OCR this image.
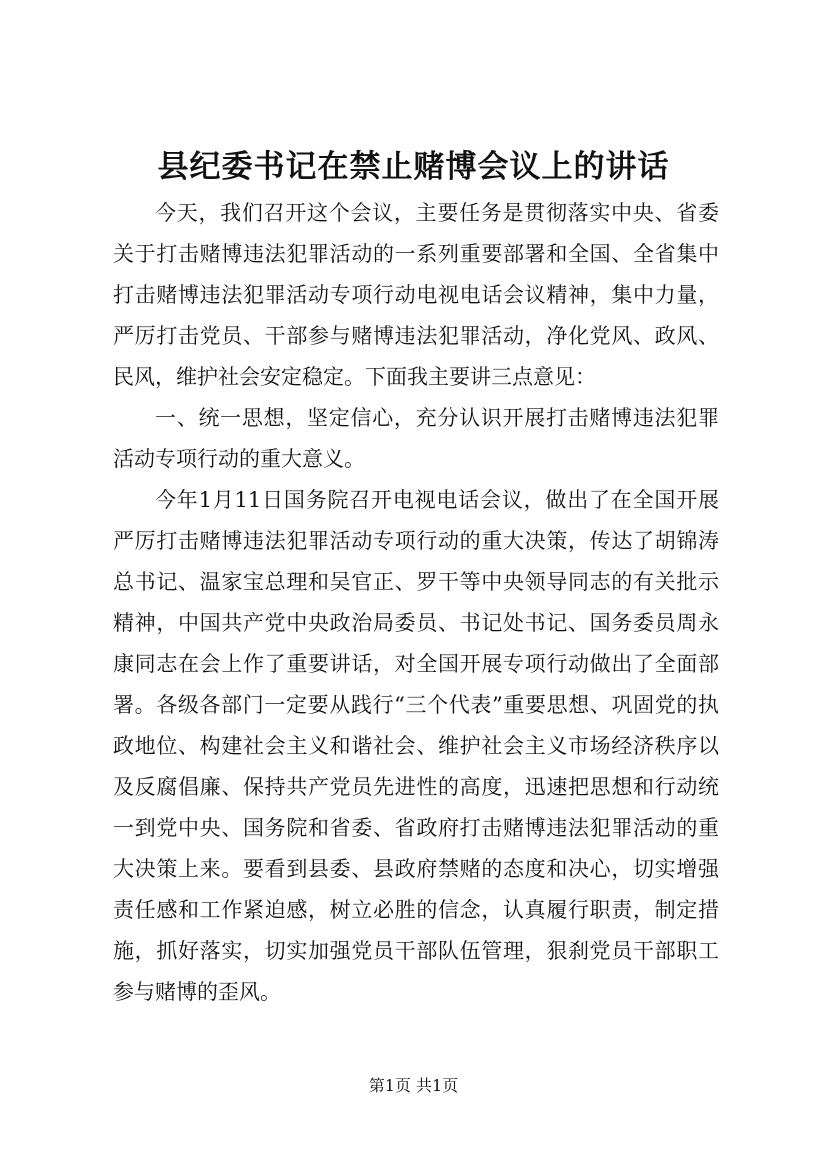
县纪委书记在禁止赌博会议上的讲话

今天，我们召开这个会议，主要任务是贯彻落实中央、省委关于打击赌博违法犯罪活动的一系列重要部署和全国、全省集中打击赌博违法犯罪活动专项行动电视电话会议精神，集中力量，严厉打击党员、干部参与赌博违法犯罪活动，净化党风、政风、民风，维护社会安定稳定。下面我主要讲三点意见：

一、统一思想，坚定信心，充分认识开展打击赌博违法犯罪活动专项行动的重大意义。

今年1月11日国务院召开电视电话会议，做出了在全国开展严厉打击赌博违法犯罪活动专项行动的重大决策，传达了胡锦涛总书记、温家宝总理和吴官正、罗干等中央领导同志的有关批示精神，中国共产党中央政治局委员、书记处书记、国务委员周永康同志在会上作了重要讲话，对全国开展专项行动做出了全面部署。各级各部门一定要从践行“三个代表”重要思想、巩固党的执政地位、构建社会主义和谐社会、维护社会主义市场经济秩序以及反腐倡廉、保持共产党员先进性的高度，迅速把思想和行动统一到党中央、国务院和省委、省政府打击赌博违法犯罪活动的重大决策上来。要看到县委、县政府禁赌的态度和决心，切实增强责任感和工作紧迫感，树立必胜的信念，认真履行职责，制定措施，抓好落实，切实加强党员干部队伍管理，狠刹党员干部职工参与赌博的歪风。

第1页 共1页
